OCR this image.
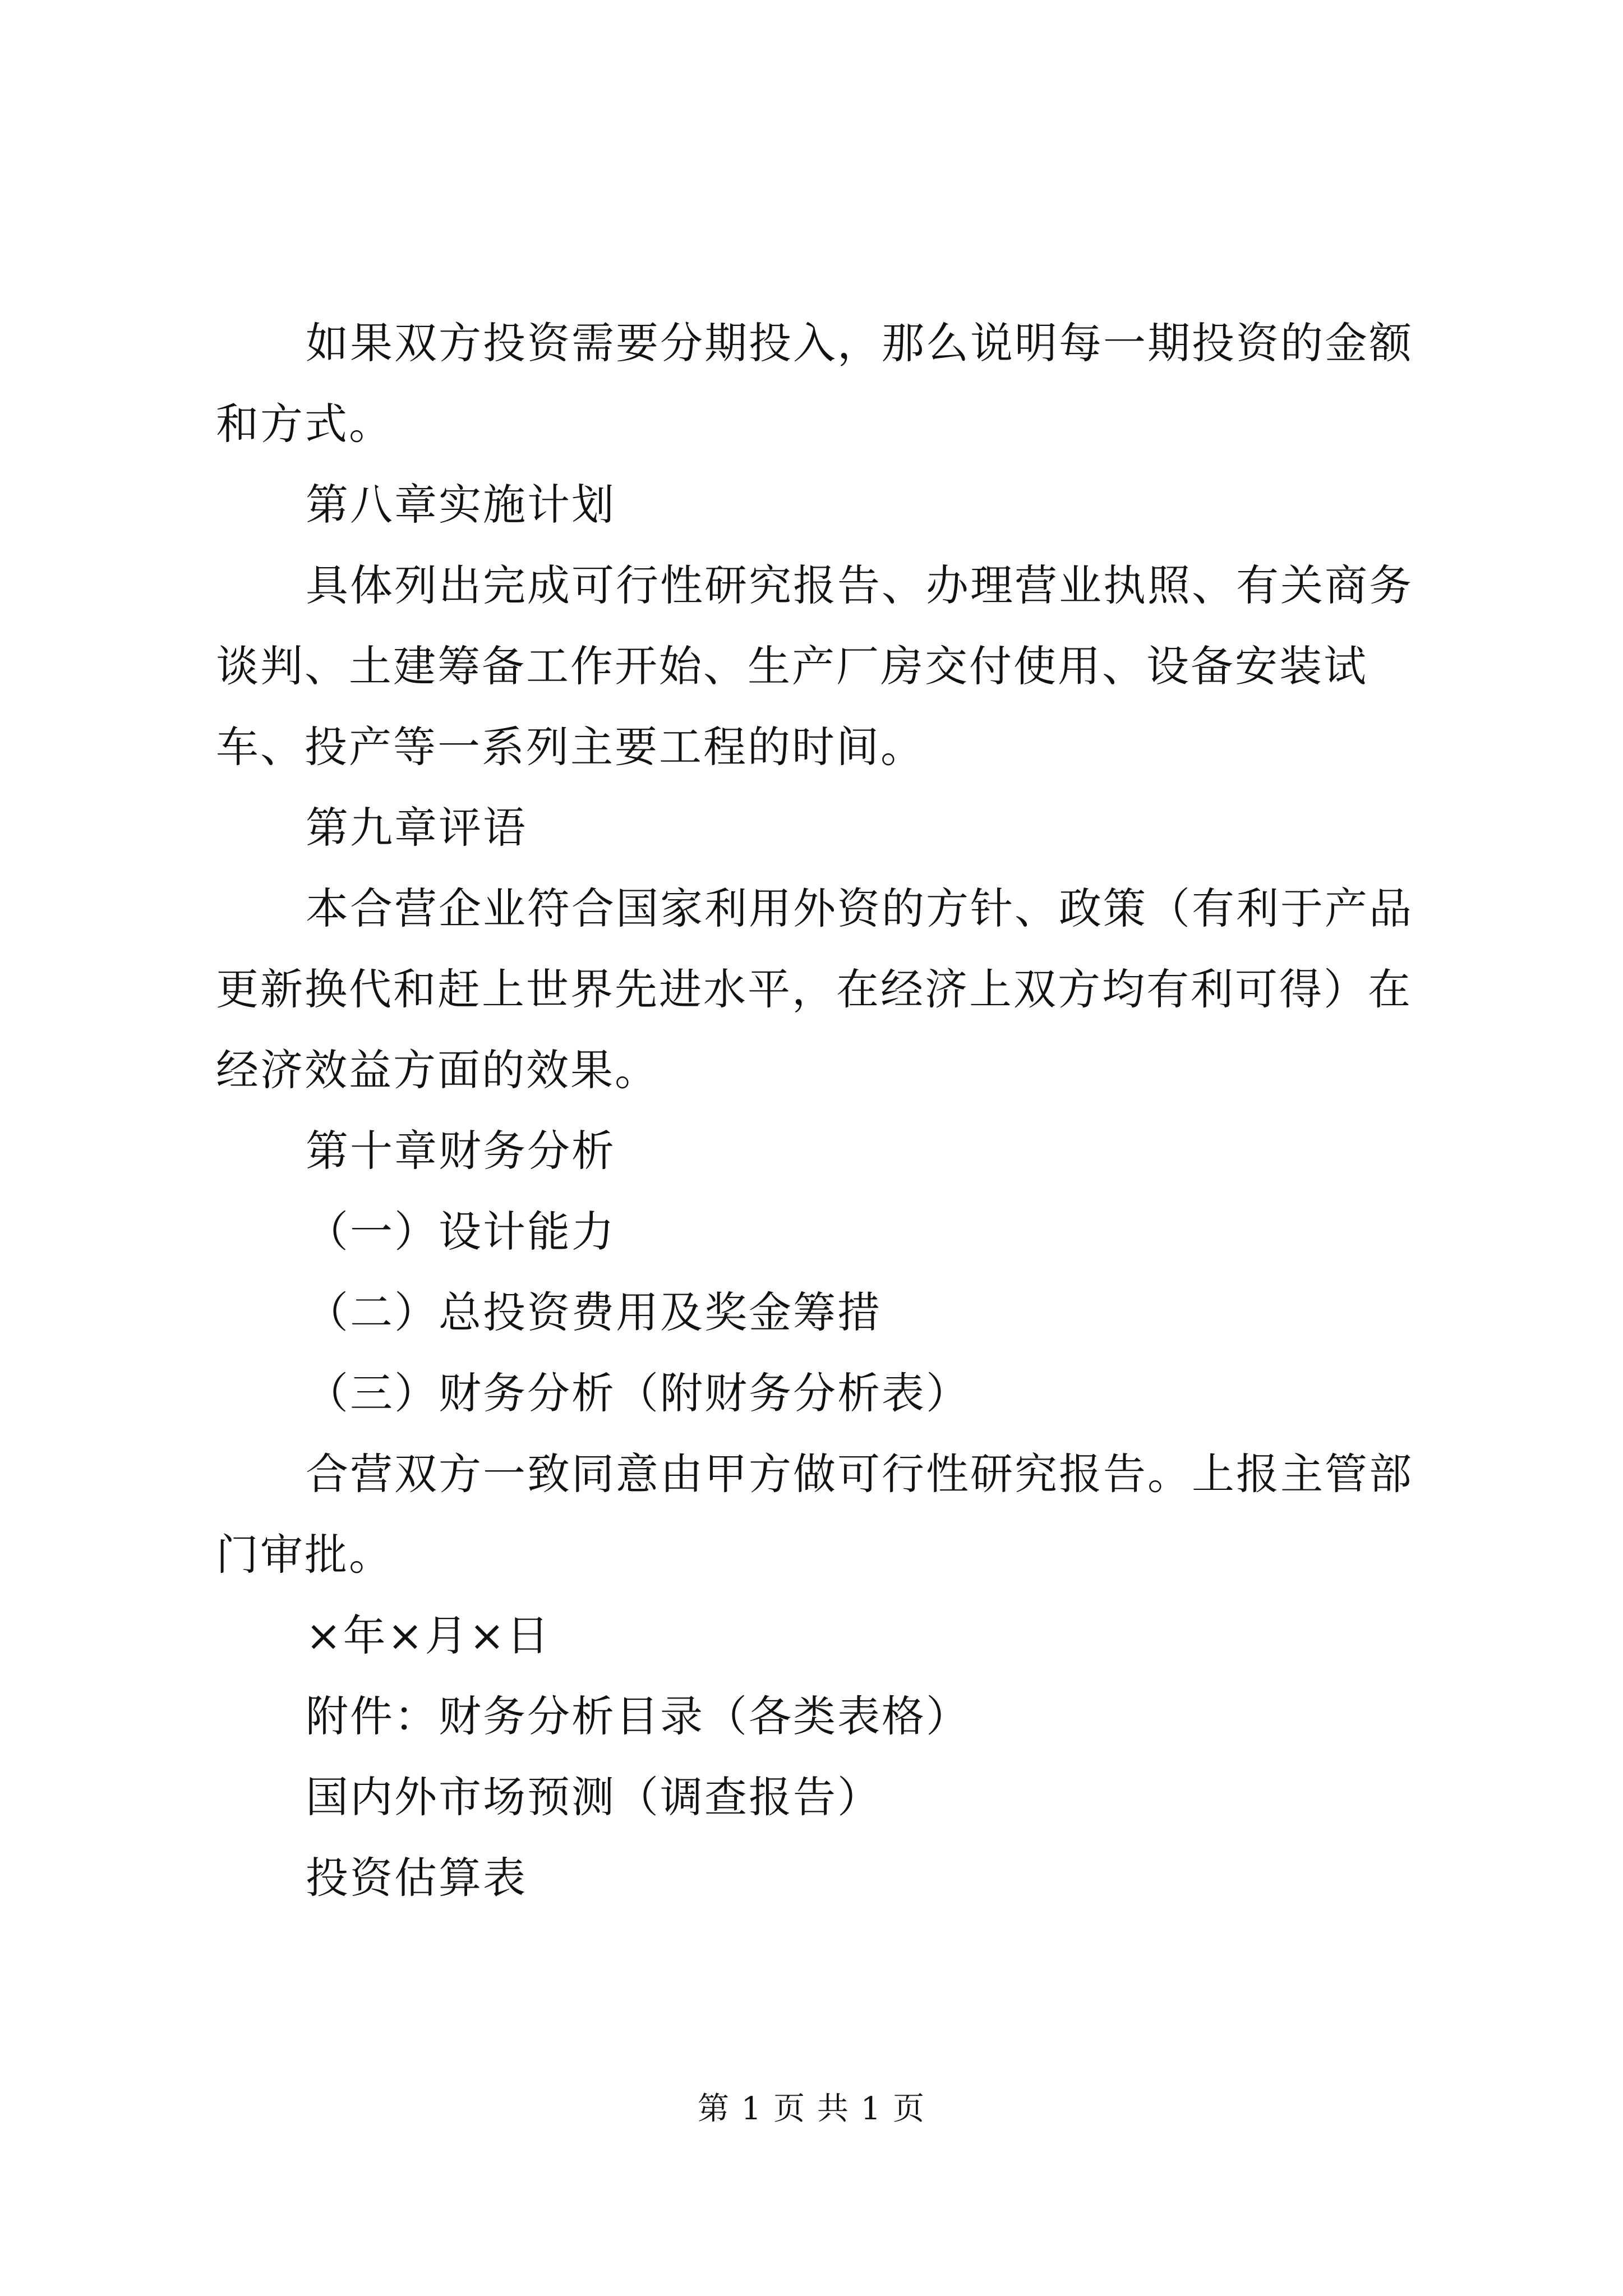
如果双方投资需要分期投入，那么说明每一期投资的金额和方式。

第八章实施计划

具体列出完成可行性研究报告、办理营业执照、有关商务谈判、土建筹备工作开始、生产厂房交付使用、设备安装试车、投产等一系列主要工程的时间。

第九章评语

本合营企业符合国家利用外资的方针、政策（有利于产品更新换代和赶上世界先进水平，在经济上双方均有利可得）在经济效益方面的效果。

第十章财务分析

（一）设计能力

（二）总投资费用及奖金筹措

（三）财务分析（附财务分析表）

合营双方一致同意由甲方做可行性研究报告。上报主管部门审批。

×年×月×日

附件：财务分析目录（各类表格）

国内外市场预测（调查报告）

投资估算表

第 1 页 共 1 页
